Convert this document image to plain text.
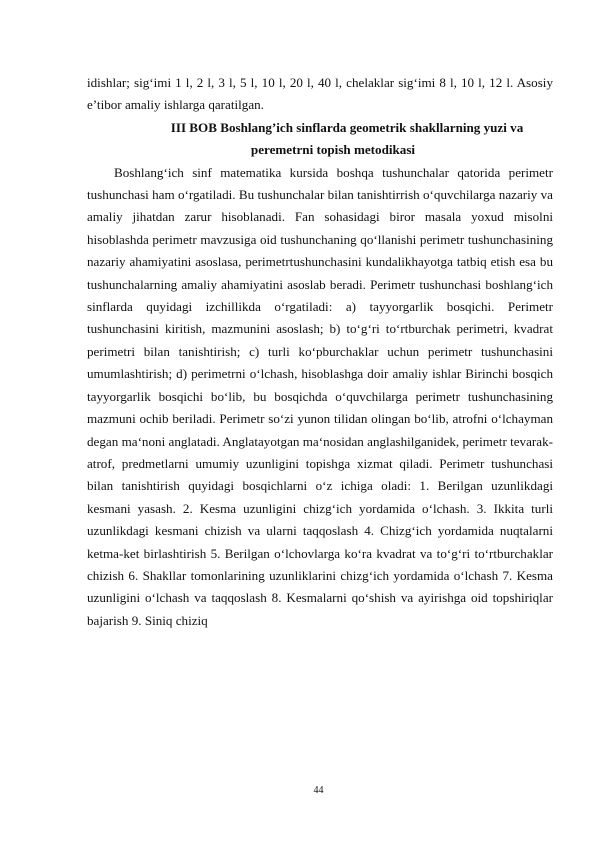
idishlar; sig‘imi 1 l, 2 l, 3 l, 5 l, 10 l, 20 l, 40 l, chelaklar sig‘imi 8 l, 10 l, 12 l. Asosiy e’tibor amaliy ishlarga qaratilgan.

III BOB Boshlang’ich sinflarda geometrik shakllarning yuzi va
peremetrni topish metodikasi

Boshlang‘ich sinf matematika kursida boshqa tushunchalar qatorida perimetr tushunchasi ham o‘rgatiladi. Bu tushunchalar bilan tanishtirrish o‘quvchilarga nazariy va amaliy jihatdan zarur hisoblanadi. Fan sohasidagi biror masala yoxud misolni hisoblashda perimetr mavzusiga oid tushunchaning qo‘llanishi perimetr tushunchasining nazariy ahamiyatini asoslasa, perimetrtushunchasini kundalikhayotga tatbiq etish esa bu tushunchalarning amaliy ahamiyatini asoslab beradi. Perimetr tushunchasi boshlang‘ich sinflarda quyidagi izchillikda o‘rgatiladi: a) tayyorgarlik bosqichi. Perimetr tushunchasini kiritish, mazmunini asoslash; b) to‘g‘ri to‘rtburchak perimetri, kvadrat perimetri bilan tanishtirish; c) turli ko‘pburchaklar uchun perimetr tushunchasini umumlashtirish; d) perimetrni o‘lchash, hisoblashga doir amaliy ishlar Birinchi bosqich tayyorgarlik bosqichi bo‘lib, bu bosqichda o‘quvchilarga perimetr tushunchasining mazmuni ochib beriladi. Perimetr so‘zi yunon tilidan olingan bo‘lib, atrofni o‘lchayman degan ma‘noni anglatadi. Anglatayotgan ma‘nosidan anglashilganidek, perimetr tevarak-atrof, predmetlarni umumiy uzunligini topishga xizmat qiladi. Perimetr tushunchasi bilan tanishtirish quyidagi bosqichlarni o‘z ichiga oladi: 1. Berilgan uzunlikdagi kesmani yasash. 2. Kesma uzunligini chizg‘ich yordamida o‘lchash. 3. Ikkita turli uzunlikdagi kesmani chizish va ularni taqqoslash 4. Chizg‘ich yordamida nuqtalarni ketma-ket birlashtirish 5. Berilgan o‘lchovlarga ko‘ra kvadrat va to‘g‘ri to‘rtburchaklar chizish 6. Shakllar tomonlarining uzunliklarini chizg‘ich yordamida o‘lchash 7. Kesma uzunligini o‘lchash va taqqoslash 8. Kesmalarni qo‘shish va ayirishga oid topshiriqlar bajarish 9. Siniq chiziq

44
